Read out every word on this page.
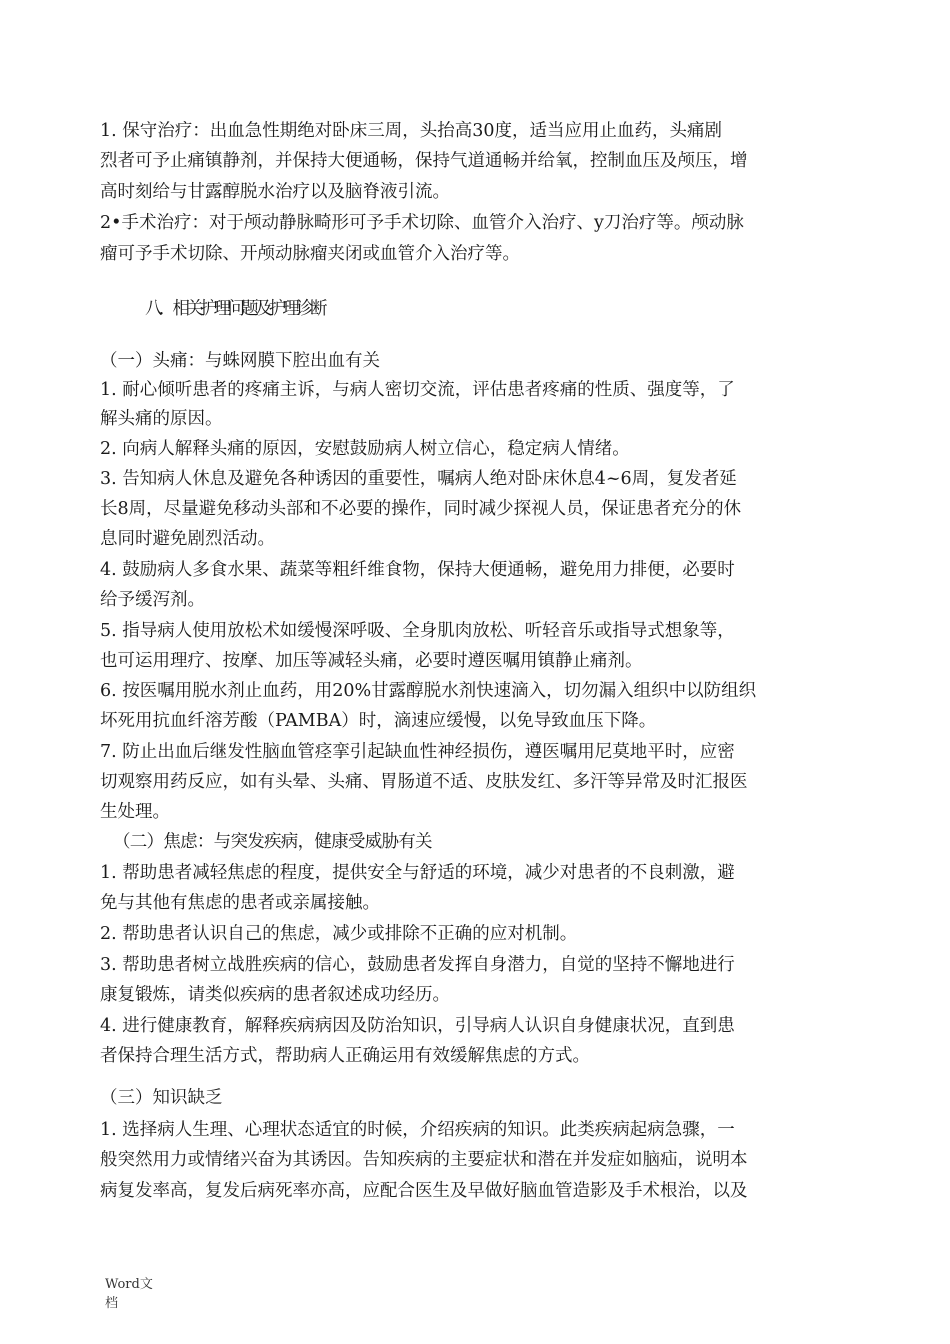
1. 保守治疗：出血急性期绝对卧床三周，头抬高30度，适当应用止血药，头痛剧
烈者可予止痛镇静剂，并保持大便通畅，保持气道通畅并给氧，控制血压及颅压，增
高时刻给与甘露醇脱水治疗以及脑脊液引流。
2•手术治疗：对于颅动静脉畸形可予手术切除、血管介入治疗、y刀治疗等。颅动脉
瘤可予手术切除、开颅动脉瘤夹闭或血管介入治疗等。
八．相关护理问题及护理诊断
（一）头痛：与蛛网膜下腔出血有关
1. 耐心倾听患者的疼痛主诉，与病人密切交流，评估患者疼痛的性质、强度等，了
解头痛的原因。
2. 向病人解释头痛的原因，安慰鼓励病人树立信心，稳定病人情绪。
3. 告知病人休息及避免各种诱因的重要性，嘱病人绝对卧床休息4~6周，复发者延
长8周，尽量避免移动头部和不必要的操作，同时减少探视人员，保证患者充分的休
息同时避免剧烈活动。
4. 鼓励病人多食水果、蔬菜等粗纤维食物，保持大便通畅，避免用力排便，必要时
给予缓泻剂。
5. 指导病人使用放松术如缓慢深呼吸、全身肌肉放松、听轻音乐或指导式想象等，
也可运用理疗、按摩、加压等减轻头痛，必要时遵医嘱用镇静止痛剂。
6. 按医嘱用脱水剂止血药，用20%甘露醇脱水剂快速滴入，切勿漏入组织中以防组织
坏死用抗血纤溶芳酸（PAMBA）时，滴速应缓慢，以免导致血压下降。
7. 防止出血后继发性脑血管痉挛引起缺血性神经损伤，遵医嘱用尼莫地平时，应密
切观察用药反应，如有头晕、头痛、胃肠道不适、皮肤发红、多汗等异常及时汇报医
生处理。
（二）焦虑：与突发疾病，健康受威胁有关
1. 帮助患者减轻焦虑的程度，提供安全与舒适的环境，减少对患者的不良刺激，避
免与其他有焦虑的患者或亲属接触。
2. 帮助患者认识自己的焦虑，减少或排除不正确的应对机制。
3. 帮助患者树立战胜疾病的信心，鼓励患者发挥自身潜力，自觉的坚持不懈地进行
康复锻炼，请类似疾病的患者叙述成功经历。
4. 进行健康教育，解释疾病病因及防治知识，引导病人认识自身健康状况，直到患
者保持合理生活方式，帮助病人正确运用有效缓解焦虑的方式。
（三）知识缺乏
1. 选择病人生理、心理状态适宜的时候，介绍疾病的知识。此类疾病起病急骤，一
般突然用力或情绪兴奋为其诱因。告知疾病的主要症状和潜在并发症如脑疝，说明本
病复发率高，复发后病死率亦高，应配合医生及早做好脑血管造影及手术根治，以及
Word文
档
